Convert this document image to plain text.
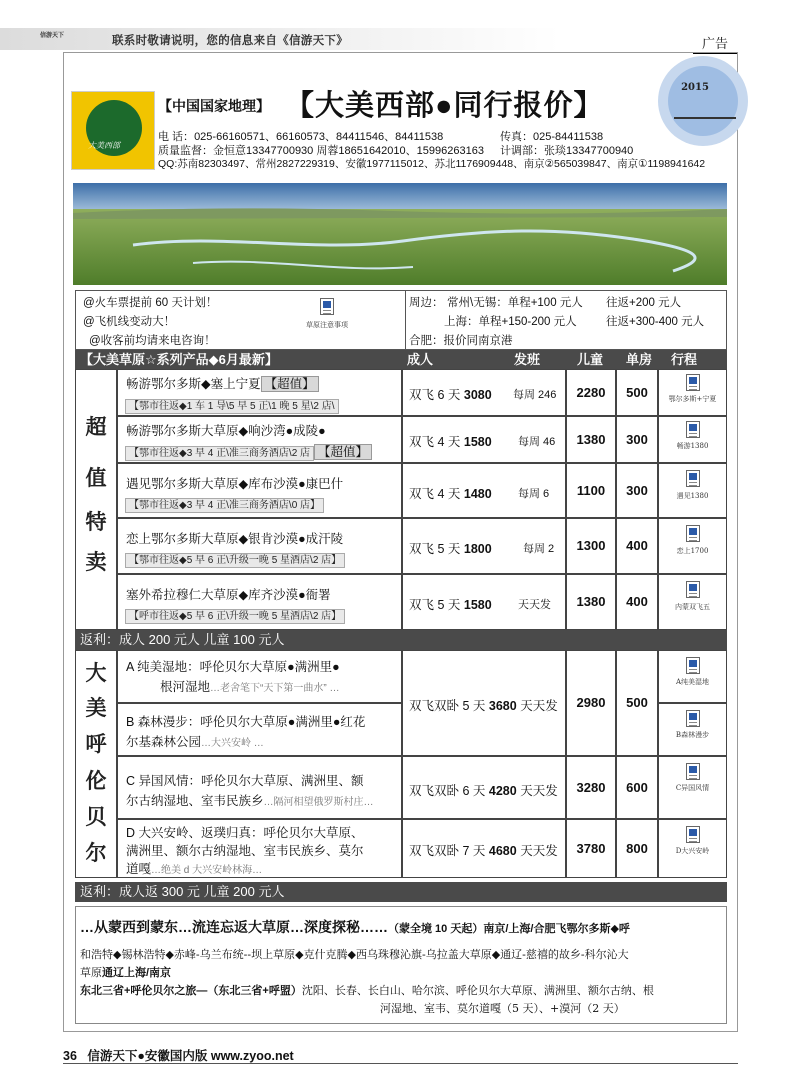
联系时敬请说明，您的信息来自《信游天下》
信游天下	广告
2015
大美西部
【中国国家地理】 【大美西部●同行报价】
电 话：025-66160571、66160573、84411546、84411538	传真：025-84411538
质量监督：金恒意13347700930 周蓉18651642010、15996263163 计调部：张琰13347700940
QQ:苏南82303497、常州2827229319、安徽1977115012、苏北1176909448、南京②565039847、南京①1198941642
@火车票提前 60 天计划！
@飞机线变动大！
@收客前均请来电咨询！
草原注意事项
周边： 常州\无锡：单程+100 元人 往返+200 元人
上海：单程+150-200 元人	往返+300-400 元人
合肥：报价同南京港
【大美草原☆系列产品◆6月最新】	成人	发班	儿童 单房 行程
超
值
特
卖
畅游鄂尔多斯◆塞上宁夏 【超值】
【鄂市往返◆1 车 1 导\5 早 5 正\1 晚 5 星\2 店\
双飞 6 天 3080 每周 246	2280	500	鄂尔多斯+宁夏
畅游鄂尔多斯大草原◆响沙湾●成陵●
【鄂市往返◆3 早 4 正\准三商务酒店\2 店 【超值】
双飞 4 天 1580 每周 46	1380	300	畅游1380
遇见鄂尔多斯大草原◆库布沙漠●康巴什
【鄂市往返◆3 早 4 正\准三商务酒店\0 店】
双飞 4 天 1480 每周 6	1100	300	遇见1380
恋上鄂尔多斯大草原◆银肯沙漠●成汗陵
【鄂市往返◆5 早 6 正\升级一晚 5 星酒店\2 店】
双飞 5 天 1800	每周 2	1300	400	恋上1700
塞外希拉穆仁大草原◆库齐沙漠●衙署
【呼市往返◆5 早 6 正\升级一晚 5 星酒店\2 店】
双飞 5 天 1580 天天发	1380	400	内蒙双飞五
返利：成人 200 元人 儿童 100 元人
大
美
呼
伦
贝
尔
A 纯美湿地：呼伦贝尔大草原●满洲里●
根河湿地…老舍笔下“天下第一曲水” …
B 森林漫步：呼伦贝尔大草原●满洲里●红花
尔基森林公园…大兴安岭 …
双飞双卧 5 天 3680 天天发	2980	500
A纯美湿地
B森林漫步
C 异国风情：呼伦贝尔大草原、满洲里、额
尔古纳湿地、室韦民族乡…隔河相望俄罗斯村庄…
双飞双卧 6 天 4280 天天发	3280	600	C异国风情
D 大兴安岭、返璞归真：呼伦贝尔大草原、
满洲里、额尔古纳湿地、室韦民族乡、莫尔
道嘎…绝美 d 大兴安岭林海…
双飞双卧 7 天 4680 天天发	3780	800	D大兴安岭
返利：成人返 300 元 儿童 200 元人
…从蒙西到蒙东…流连忘返大草原…深度探秘……（蒙全境 10 天起）南京/上海/合肥飞鄂尔多斯◆呼
和浩特◆锡林浩特◆赤峰-乌兰布统--坝上草原◆克什克腾◆西乌珠穆沁旗-乌拉盖大草原◆通辽-慈禧的故乡-科尔沁大
草原通辽上海/南京
东北三省+呼伦贝尔之旅—（东北三省+呼盟）沈阳、长春、长白山、哈尔滨、呼伦贝尔大草原、满洲里、额尔古纳、根
河湿地、室韦、莫尔道嘎（5 天）、+漠河（2 天）
36 信游天下●安徽国内版 www.zyoo.net
